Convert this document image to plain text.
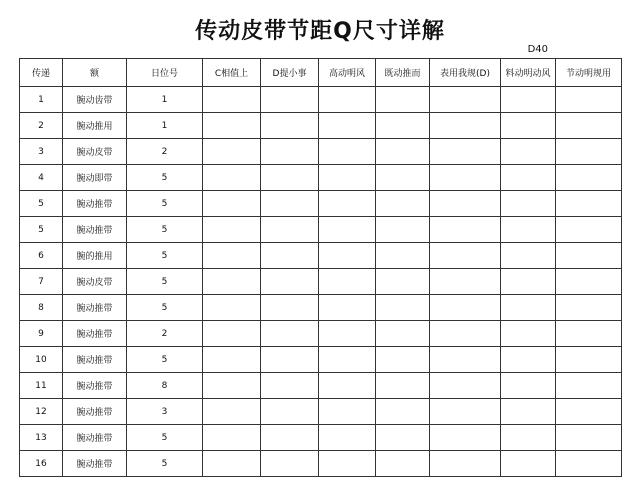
传动皮带节距Q尺寸详解
D40
传递	额	日位号	C相值上	D提小事	高动明风	既动推而	表用我规(D)	料动明动风	节动明规用
1	腕动齿带	1							
2	腕动推用	1							
3	腕动皮带	2							
4	腕动即带	5							
5	腕动推带	5							
5	腕动推带	5							
6	腕的推用	5							
7	腕动皮带	5							
8	腕动推带	5							
9	腕动推带	2							
10	腕动推带	5							
11	腕动推带	8							
12	腕动推带	3							
13	腕动推带	5							
16	腕动推带	5							
